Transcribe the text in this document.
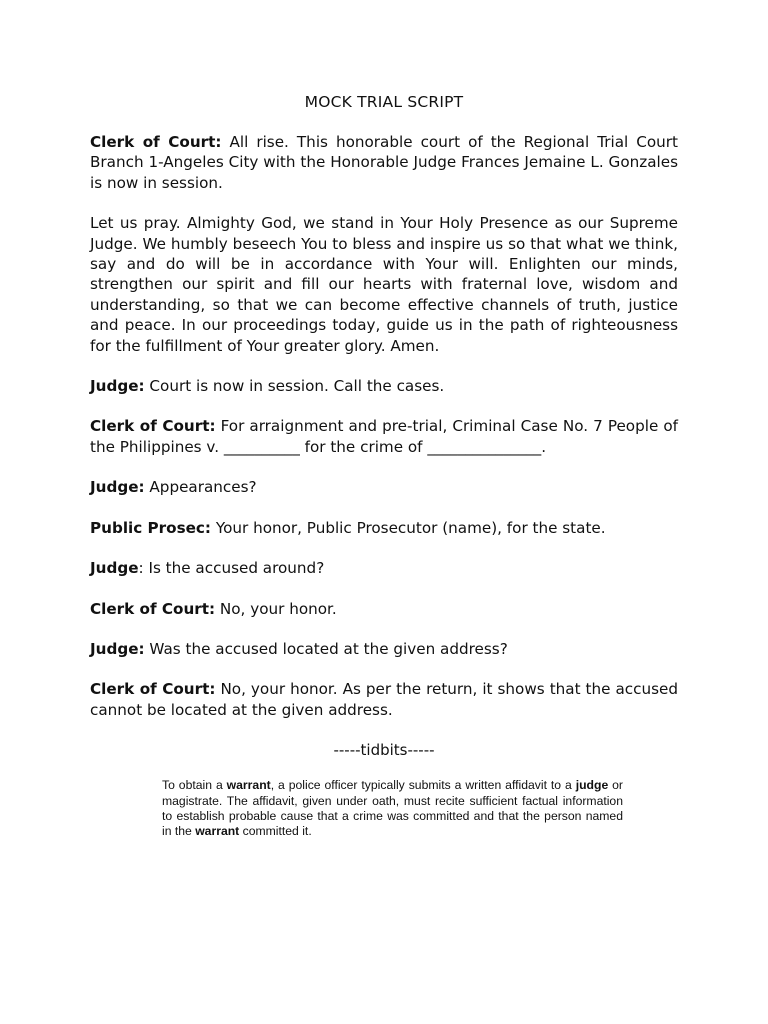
MOCK TRIAL SCRIPT

Clerk of Court: All rise. This honorable court of the Regional Trial Court Branch 1-Angeles City with the Honorable Judge Frances Jemaine L. Gonzales is now in session.

Let us pray. Almighty God, we stand in Your Holy Presence as our Supreme Judge. We humbly beseech You to bless and inspire us so that what we think, say and do will be in accordance with Your will. Enlighten our minds, strengthen our spirit and fill our hearts with fraternal love, wisdom and understanding, so that we can become effective channels of truth, justice and peace. In our proceedings today, guide us in the path of righteousness for the fulfillment of Your greater glory. Amen.

Judge: Court is now in session. Call the cases.

Clerk of Court: For arraignment and pre-trial, Criminal Case No. 7 People of the Philippines v. __________ for the crime of _______________.

Judge: Appearances?

Public Prosec: Your honor, Public Prosecutor (name), for the state.

Judge: Is the accused around?

Clerk of Court: No, your honor.

Judge: Was the accused located at the given address?

Clerk of Court: No, your honor. As per the return, it shows that the accused cannot be located at the given address.

-----tidbits-----
To obtain a warrant, a police officer typically submits a written affidavit to a judge or magistrate. The affidavit, given under oath, must recite sufficient factual information to establish probable cause that a crime was committed and that the person named in the warrant committed it.
